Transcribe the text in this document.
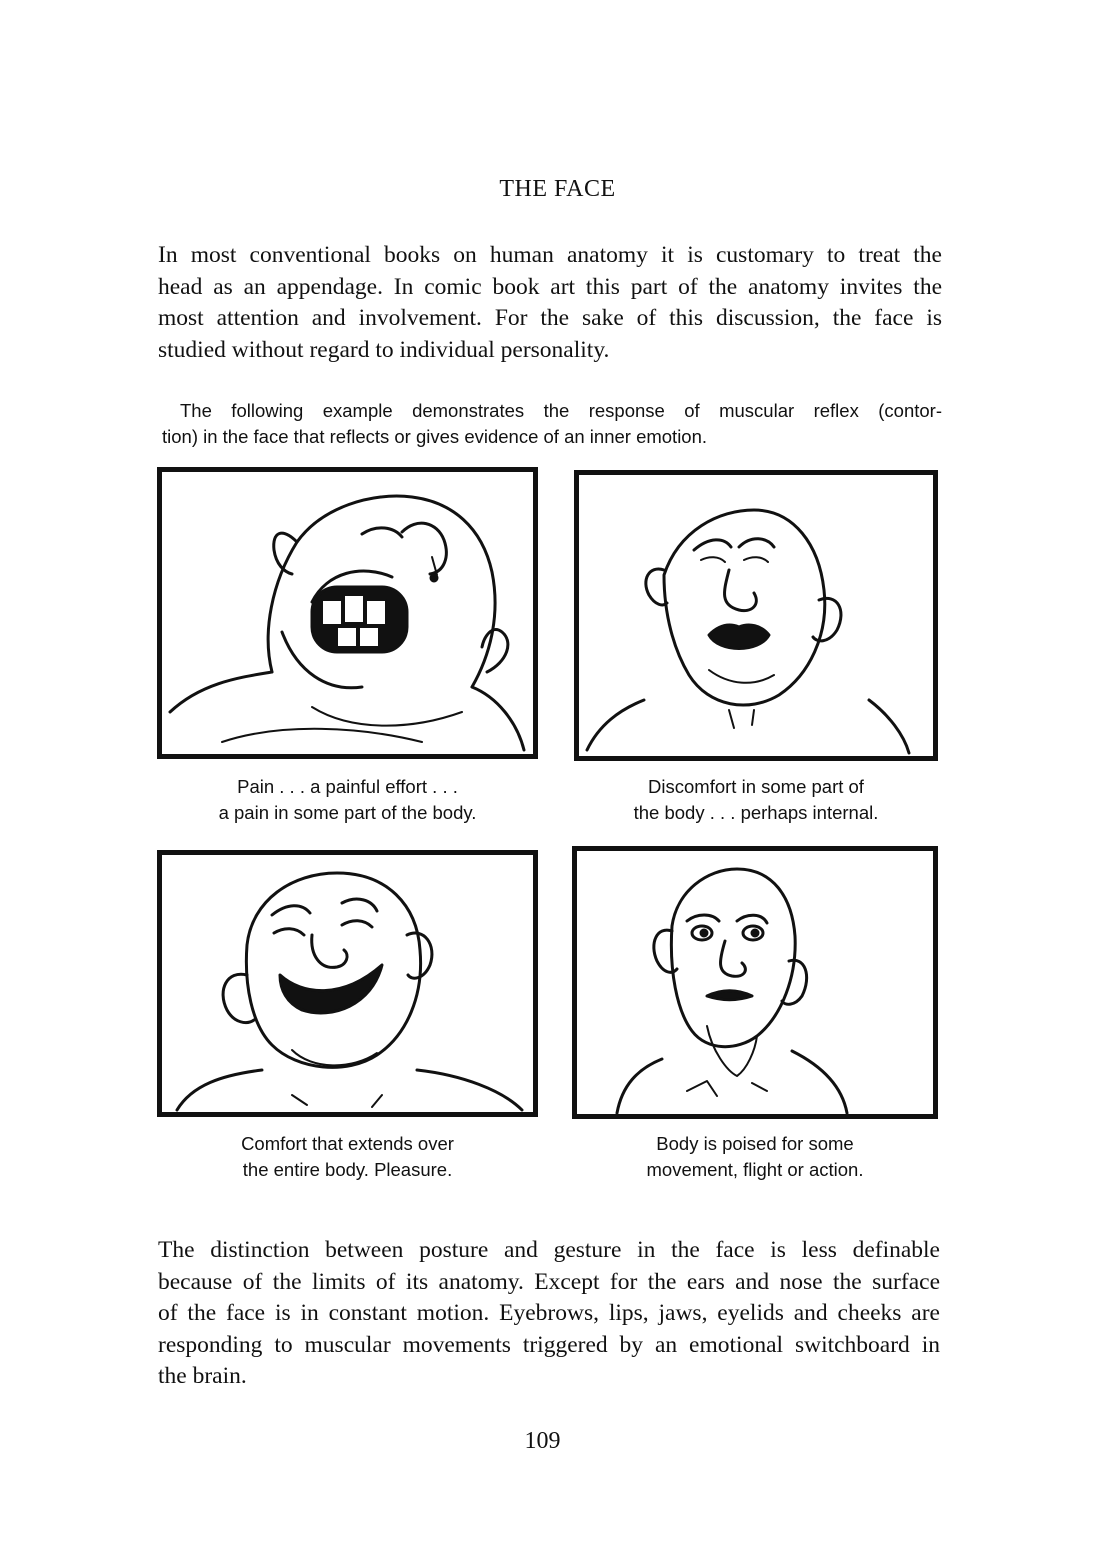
THE FACE
In most conventional books on human anatomy it is customary to treat the
head as an appendage. In comic book art this part of the anatomy invites the
most attention and involvement. For the sake of this discussion, the face is
studied without regard to individual personality.
The following example demonstrates the response of muscular reflex (contor-
tion) in the face that reflects or gives evidence of an inner emotion.
Pain . . . a painful effort . . .
a pain in some part of the body.
Discomfort in some part of
the body . . . perhaps internal.
Comfort that extends over
the entire body. Pleasure.
Body is poised for some
movement, flight or action.
The distinction between posture and gesture in the face is less definable
because of the limits of its anatomy. Except for the ears and nose the surface
of the face is in constant motion. Eyebrows, lips, jaws, eyelids and cheeks are
responding to muscular movements triggered by an emotional switchboard in
the brain.
109
